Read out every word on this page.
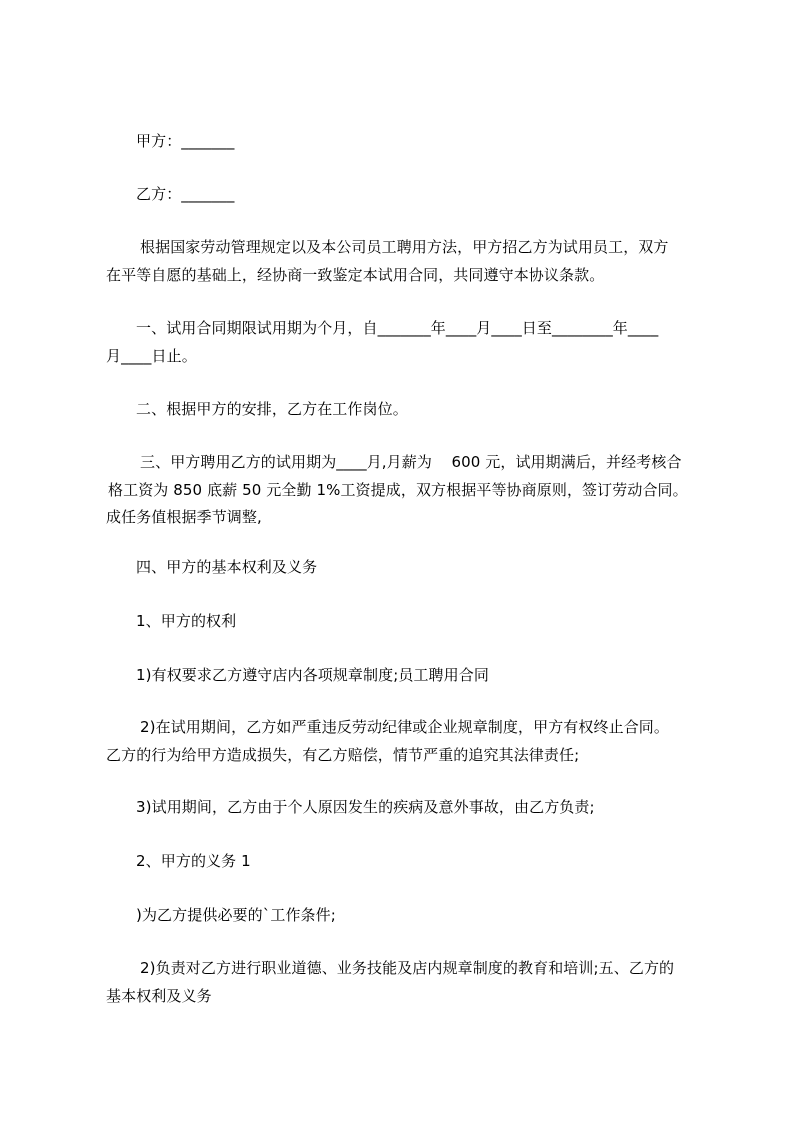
甲方：_______
乙方：_______
根据国家劳动管理规定以及本公司员工聘用方法，甲方招乙方为试用员工，双方
在平等自愿的基础上，经协商一致鉴定本试用合同，共同遵守本协议条款。
一、试用合同期限试用期为个月，自_______年____月____日至________年____
月____日止。
二、根据甲方的安排，乙方在工作岗位。
三、甲方聘用乙方的试用期为____月,月薪为    600 元，试用期满后，并经考核合
格工资为 850 底薪 50 元全勤 1%工资提成，双方根据平等协商原则，签订劳动合同。
成任务值根据季节调整,
四、甲方的基本权利及义务
1、甲方的权利
1)有权要求乙方遵守店内各项规章制度;员工聘用合同
2)在试用期间，乙方如严重违反劳动纪律或企业规章制度，甲方有权终止合同。
乙方的行为给甲方造成损失，有乙方赔偿，情节严重的追究其法律责任;
3)试用期间，乙方由于个人原因发生的疾病及意外事故，由乙方负责;
2、甲方的义务 1
)为乙方提供必要的`工作条件;
2)负责对乙方进行职业道德、业务技能及店内规章制度的教育和培训;五、乙方的
基本权利及义务
